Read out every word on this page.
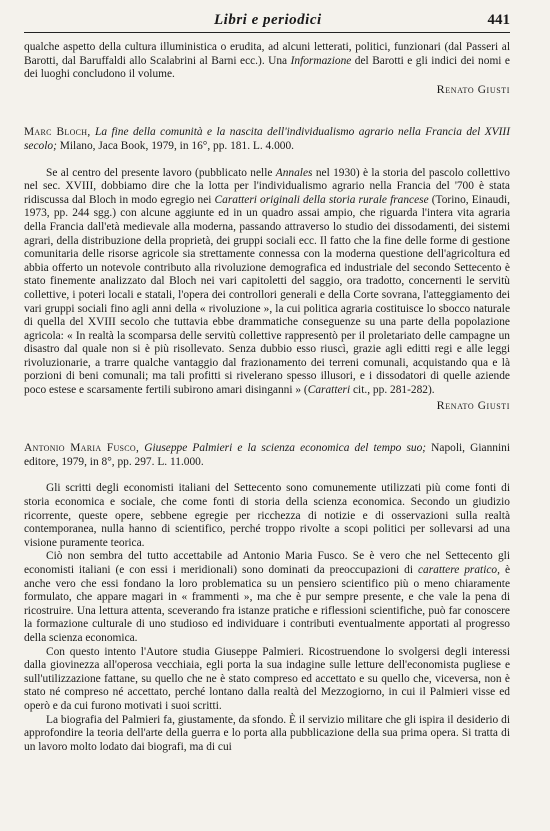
Libri e periodici	441

qualche aspetto della cultura illuministica o erudita, ad alcuni letterati, politici, funzionari (dal Passeri al Barotti, dal Baruffaldi allo Scalabrini al Barni ecc.). Una Informazione del Barotti e gli indici dei nomi e dei luoghi concludono il volume.

Renato Giusti

Marc Bloch, La fine della comunità e la nascita dell'individualismo agrario nella Francia del XVIII secolo; Milano, Jaca Book, 1979, in 16°, pp. 181. L. 4.000.

Se al centro del presente lavoro (pubblicato nelle Annales nel 1930) è la storia del pascolo collettivo nel sec. XVIII, dobbiamo dire che la lotta per l'individualismo agrario nella Francia del '700 è stata ridiscussa dal Bloch in modo egregio nei Caratteri originali della storia rurale francese (Torino, Einaudi, 1973, pp. 244 sgg.) con alcune aggiunte ed in un quadro assai ampio, che riguarda l'intera vita agraria della Francia dall'età medievale alla moderna, passando attraverso lo studio dei dissodamenti, dei sistemi agrari, della distribuzione della proprietà, dei gruppi sociali ecc. Il fatto che la fine delle forme di gestione comunitaria delle risorse agricole sia strettamente connessa con la moderna questione dell'agricoltura ed abbia offerto un notevole contributo alla rivoluzione demografica ed industriale del secondo Settecento è stato finemente analizzato dal Bloch nei vari capitoletti del saggio, ora tradotto, concernenti le servitù collettive, i poteri locali e statali, l'opera dei controllori generali e della Corte sovrana, l'atteggiamento dei vari gruppi sociali fino agli anni della « rivoluzione », la cui politica agraria costituisce lo sbocco naturale di quella del XVIII secolo che tuttavia ebbe drammatiche conseguenze su una parte della popolazione agricola: « In realtà la scomparsa delle servitù collettive rappresentò per il proletariato delle campagne un disastro dal quale non si è più risollevato. Senza dubbio esso riuscì, grazie agli editti regi e alle leggi rivoluzionarie, a trarre qualche vantaggio dal frazionamento dei terreni comunali, acquistando qua e là porzioni di beni comunali; ma tali profitti si rivelerano spesso illusori, e i dissodatori di quelle aziende poco estese e scarsamente fertili subirono amari disinganni » (Caratteri cit., pp. 281-282).

Renato Giusti

Antonio Maria Fusco, Giuseppe Palmieri e la scienza economica del tempo suo; Napoli, Giannini editore, 1979, in 8°, pp. 297. L. 11.000.

Gli scritti degli economisti italiani del Settecento sono comunemente utilizzati più come fonti di storia economica e sociale, che come fonti di storia della scienza economica. Secondo un giudizio ricorrente, queste opere, sebbene egregie per ricchezza di notizie e di osservazioni sulla realtà contemporanea, nulla hanno di scientifico, perché troppo rivolte a scopi politici per sollevarsi ad una visione puramente teorica.

Ciò non sembra del tutto accettabile ad Antonio Maria Fusco. Se è vero che nel Settecento gli economisti italiani (e con essi i meridionali) sono dominati da preoccupazioni di carattere pratico, è anche vero che essi fondano la loro problematica su un pensiero scientifico più o meno chiaramente formulato, che appare magari in « frammenti », ma che è pur sempre presente, e che vale la pena di ricostruire. Una lettura attenta, sceverando fra istanze pratiche e riflessioni scientifiche, può far conoscere la formazione culturale di uno studioso ed individuare i contributi eventualmente apportati al progresso della scienza economica.

Con questo intento l'Autore studia Giuseppe Palmieri. Ricostruendone lo svolgersi degli interessi dalla giovinezza all'operosa vecchiaia, egli porta la sua indagine sulle letture dell'economista pugliese e sull'utilizzazione fattane, su quello che ne è stato compreso ed accettato e su quello che, viceversa, non è stato né compreso né accettato, perché lontano dalla realtà del Mezzogiorno, in cui il Palmieri visse ed operò e da cui furono motivati i suoi scritti.

La biografia del Palmieri fa, giustamente, da sfondo. È il servizio militare che gli ispira il desiderio di approfondire la teoria dell'arte della guerra e lo porta alla pubblicazione della sua prima opera. Si tratta di un lavoro molto lodato dai biografi, ma di cui
